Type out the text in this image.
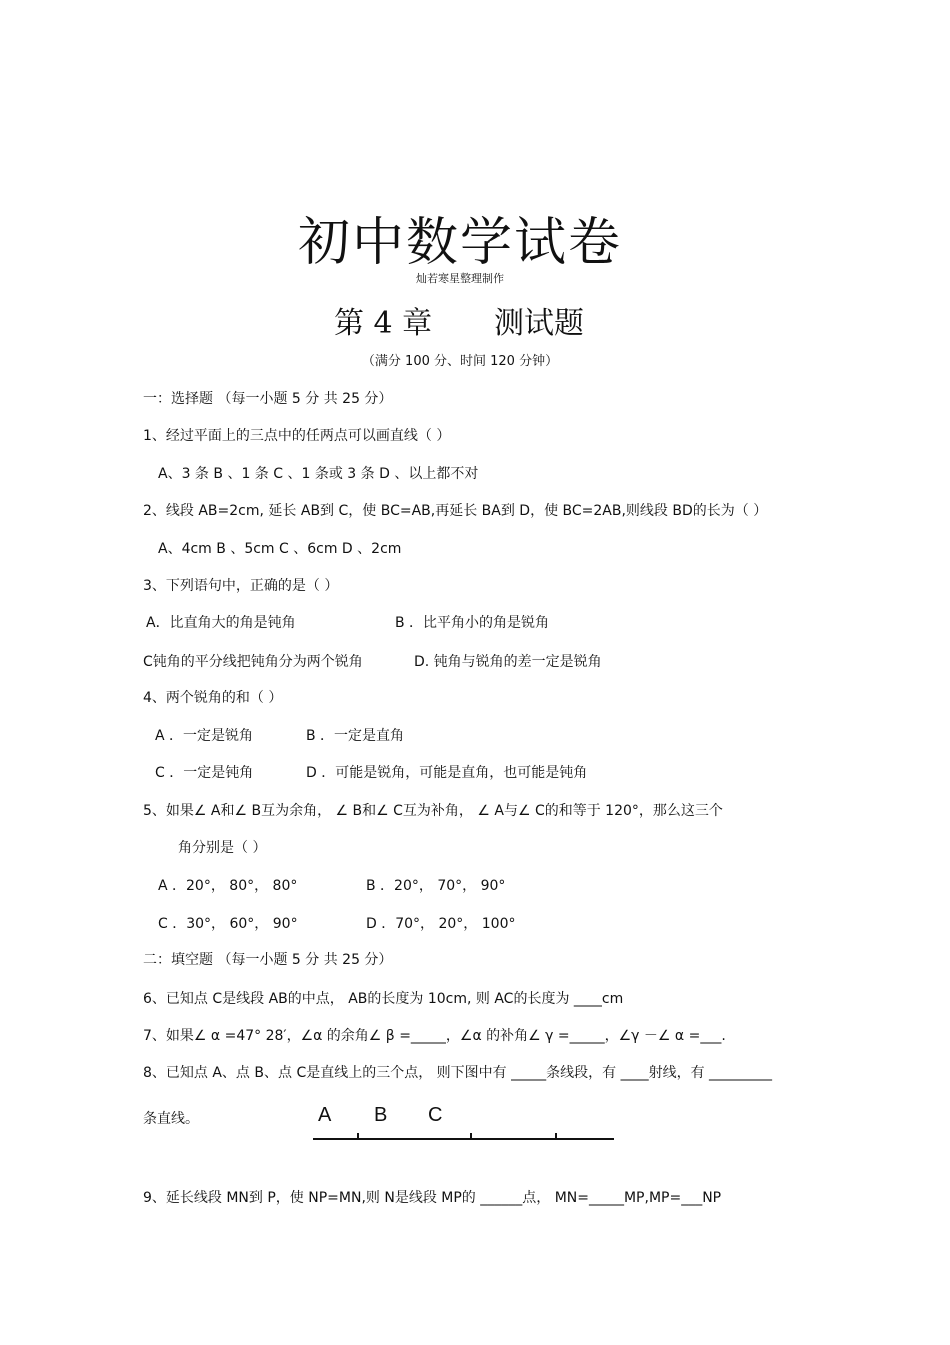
初中数学试卷
灿若寒星整理制作
第 4 章 测试题
（满分 100 分、时间 120 分钟）
一：选择题 （每一小题 5 分 共 25 分）
1、经过平面上的三点中的任两点可以画直线（ ）
A、3 条 B 、1 条 C 、1 条或 3 条 D 、以上都不对
2、线段 AB=2cm, 延长 AB到 C，使 BC=AB,再延长 BA到 D，使 BC=2AB,则线段 BD的长为（ ）
A、4cm B 、5cm C 、6cm D 、2cm
3、下列语句中，正确的是（ ）
A．比直角大的角是钝角	B ．比平角小的角是锐角
C钝角的平分线把钝角分为两个锐角	D. 钝角与锐角的差一定是锐角
4、两个锐角的和（ ）
A ．一定是锐角	B ．一定是直角
C ．一定是钝角	D ．可能是锐角，可能是直角，也可能是钝角
5、如果∠ A和∠ B互为余角， ∠ B和∠ C互为补角， ∠ A与∠ C的和等于 120°，那么这三个
角分别是（ ）
A ．20°， 80°， 80°	B ．20°， 70°， 90°
C ．30°， 60°， 90°	D ．70°， 20°， 100°
二：填空题 （每一小题 5 分 共 25 分）
6、已知点 C是线段 AB的中点， AB的长度为 10cm, 则 AC的长度为 ____cm
7、如果∠ α =47° 28′，∠α 的余角∠ β =_____，∠α 的补角∠ γ =_____，∠γ －∠ α =___.
8、已知点 A、点 B、点 C是直线上的三个点， 则下图中有 _____条线段，有 ____射线，有 _________
条直线。	A B C
9、延长线段 MN到 P，使 NP=MN,则 N是线段 MP的 ______点， MN=_____MP,MP=___NP
